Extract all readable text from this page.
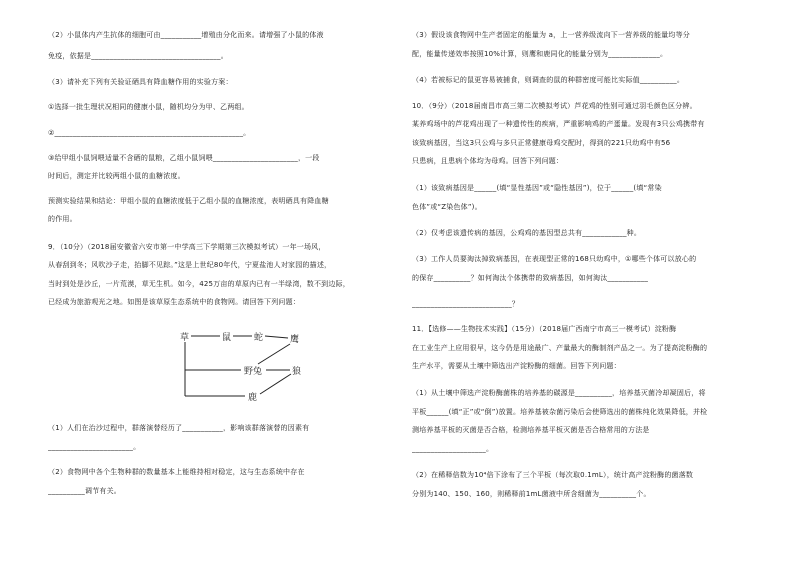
（2）小鼠体内产生抗体的细胞可由___________增殖由分化而来。请增强了小鼠的体液
免疫，依据是___________________________________。
（3）请补充下列有关验证硒具有降血糖作用的实验方案：
①选择一批生理状况相同的健康小鼠，随机均分为甲、乙两组。
②___________________________________________________。
③给甲组小鼠饲喂适量不含硒的鼠粮，乙组小鼠饲喂_______________________，一段
时间后，测定并比较两组小鼠的血糖浓度。
预测实验结果和结论：甲组小鼠的血糖浓度低于乙组小鼠的血糖浓度，表明硒具有降血糖
的作用。
9．（10分）（2018届安徽省六安市第一中学高三下学期第三次模拟考试）一年一场风，
从春刮到冬；风吹沙子走，抬脚不见踪。”这是上世纪80年代，宁夏盐池人对家园的描述，
当时到处是沙丘，一片荒漠，草无生机。如今，425万亩的草原内已有一半绿湾，数不到边际，
已经成为旅游观光之地。如图是该草原生态系统中的食物网。请回答下列问题：
（1）人们在治沙过程中，群落演替经历了___________，影响该群落演替的因素有
_______________________。
（2）食物网中各个生物种群的数量基本上能维持相对稳定，这与生态系统中存在
__________调节有关。
草	鼠	蛇	鹰
野兔	狼
鹿
（3）假设该食物网中生产者固定的能量为 a，上一营养级流向下一营养级的能量均等分
配，能量传递效率按照10%计算，则鹰和鹿同化的能量分别为______________。
（4）若被标记的鼠更容易被捕食，则调查的鼠的种群密度可能比实际值__________。
10．（9分）（2018届南昌市高三第二次模拟考试）芦花鸡的性别可通过羽毛颜色区分辨。
某养鸡场中的芦花鸡出现了一种遗传性的疾病，严重影响鸡的产蛋量。发现有3只公鸡携带有
该致病基因，当这3只公鸡与多只正常健康母鸡交配时，得到的221只幼鸡中有56
只患病，且患病个体均为母鸡。回答下列问题：
（1）该致病基因是______(填“显性基因”或“隐性基因”)，位于______(填“常染
色体”或“Z染色体”)。
（2）仅考虑该遗传病的基因，公鸡鸡的基因型总共有____________种。
（3）工作人员要淘汰掉致病基因，在表现型正常的168只幼鸡中，①哪些个体可以放心的
的保存__________？如何淘汰个体携带的致病基因，如何淘汰___________
___________________________？
11．【选修——生物技术实践】（15分）（2018届广西南宁市高三一模考试）淀粉酶
在工业生产上应用很早，这今仍是用途最广、产量最大的酶制剂产品之一。为了提高淀粉酶的
生产水平，需要从土壤中筛选出产淀粉酶的细菌。回答下列问题：
（1）从土壤中筛选产淀粉酶菌株的培养基的碳源是__________，培养基灭菌冷却凝固后，将
平板______(填“正”或“倒”)放置。培养基被杂菌污染后会使筛选出的菌株纯化效果降低，并检
测培养基平板的灭菌是否合格，检测培养基平板灭菌是否合格常用的方法是
____________________。
（2）在稀释倍数为10⁴倍下涂布了三个平板（每次取0.1mL），统计高产淀粉酶的菌落数
分别为140、150、160，则稀释前1mL菌液中所含细菌为__________个。
